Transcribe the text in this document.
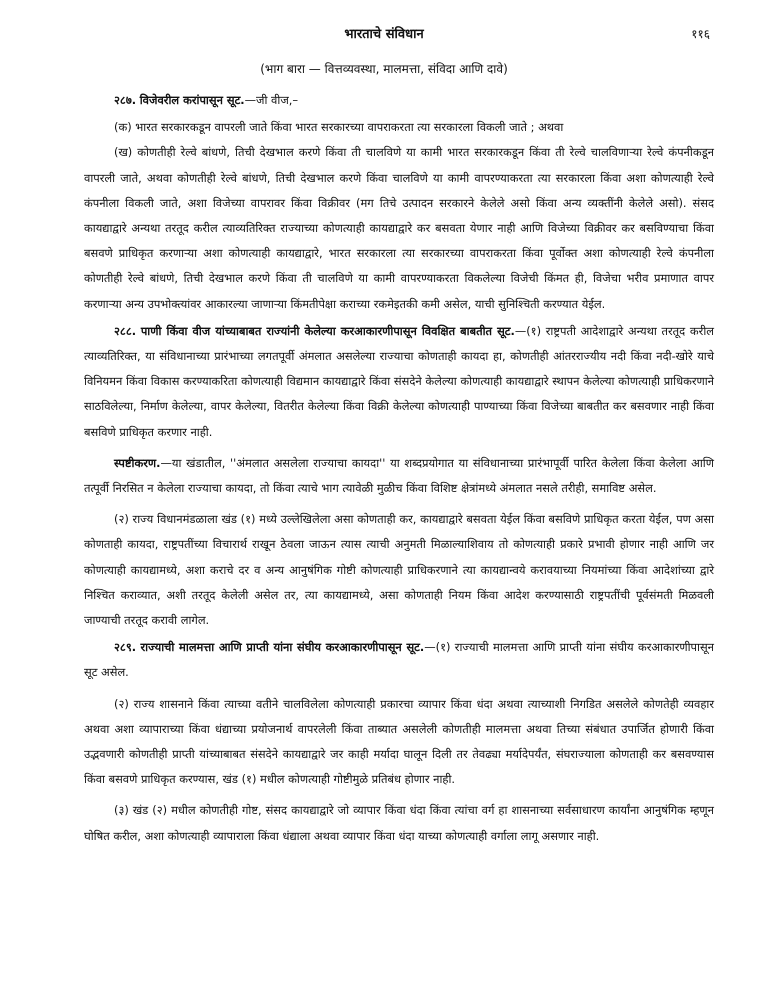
भारताचे संविधान	११६
(भाग बारा — वित्तव्यवस्था, मालमत्ता, संविदा आणि दावे)

२८७. विजेवरील करांपासून सूट.—जी वीज,–

(क) भारत सरकारकडून वापरली जाते किंवा भारत सरकारच्या वापराकरता त्या सरकारला विकली जाते ; अथवा

(ख) कोणतीही रेल्वे बांधणे, तिची देखभाल करणे किंवा ती चालविणे या कामी भारत सरकारकडून किंवा ती रेल्वे चालविणाऱ्या रेल्वे कंपनीकडून वापरली जाते, अथवा कोणतीही रेल्वे बांधणे, तिची देखभाल करणे किंवा चालविणे या कामी वापरण्याकरता त्या सरकारला किंवा अशा कोणत्याही रेल्वे कंपनीला विकली जाते, अशा विजेच्या वापरावर किंवा विक्रीवर (मग तिचे उत्पादन सरकारने केलेले असो किंवा अन्य व्यक्तींनी केलेले असो). संसद कायद्याद्वारे अन्यथा तरतूद करील त्याव्यतिरिक्त राज्याच्या कोणत्याही कायद्याद्वारे कर बसवता येणार नाही आणि विजेच्या विक्रीवर कर बसविण्याचा किंवा बसवणे प्राधिकृत करणाऱ्या अशा कोणत्याही कायद्याद्वारे, भारत सरकारला त्या सरकारच्या वापराकरता किंवा पूर्वोक्त अशा कोणत्याही रेल्वे कंपनीला कोणतीही रेल्वे बांधणे, तिची देखभाल करणे किंवा ती चालविणे या कामी वापरण्याकरता विकलेल्या विजेची किंमत ही, विजेचा भरीव प्रमाणात वापर करणाऱ्या अन्य उपभोक्त्यांवर आकारल्या जाणाऱ्या किंमतीपेक्षा कराच्या रकमेइतकी कमी असेल, याची सुनिश्चिती करण्यात येईल.

२८८. पाणी किंवा वीज यांच्याबाबत राज्यांनी केलेल्या करआकारणीपासून विवक्षित बाबतीत सूट.—(१) राष्ट्रपती आदेशाद्वारे अन्यथा तरतूद करील त्याव्यतिरिक्त, या संविधानाच्या प्रारंभाच्या लगतपूर्वी अंमलात असलेल्या राज्याचा कोणताही कायदा हा, कोणतीही आंतरराज्यीय नदी किंवा नदी-खोरे याचे विनियमन किंवा विकास करण्याकरिता कोणत्याही विद्यमान कायद्याद्वारे किंवा संसदेने केलेल्या कोणत्याही कायद्याद्वारे स्थापन केलेल्या कोणत्याही प्राधिकरणाने साठविलेल्या, निर्माण केलेल्या, वापर केलेल्या, वितरीत केलेल्या किंवा विक्री केलेल्या कोणत्याही पाण्याच्या किंवा विजेच्या बाबतीत कर बसवणार नाही किंवा बसविणे प्राधिकृत करणार नाही.

स्पष्टीकरण.—या खंडातील, ''अंमलात असलेला राज्याचा कायदा'' या शब्दप्रयोगात या संविधानाच्या प्रारंभापूर्वी पारित केलेला किंवा केलेला आणि तत्पूर्वी निरसित न केलेला राज्याचा कायदा, तो किंवा त्याचे भाग त्यावेळी मुळीच किंवा विशिष्ट क्षेत्रांमध्ये अंमलात नसले तरीही, समाविष्ट असेल.

(२) राज्य विधानमंडळाला खंड (१) मध्ये उल्लेखिलेला असा कोणताही कर, कायद्याद्वारे बसवता येईल किंवा बसविणे प्राधिकृत करता येईल, पण असा कोणताही कायदा, राष्ट्रपतींच्या विचारार्थ राखून ठेवला जाऊन त्यास त्याची अनुमती मिळाल्याशिवाय तो कोणत्याही प्रकारे प्रभावी होणार नाही आणि जर कोणत्याही कायद्यामध्ये, अशा कराचे दर व अन्य आनुषंगिक गोष्टी कोणत्याही प्राधिकरणाने त्या कायद्यान्वये करावयाच्या नियमांच्या किंवा आदेशांच्या द्वारे निश्चित कराव्यात, अशी तरतूद केलेली असेल तर, त्या कायद्यामध्ये, असा कोणताही नियम किंवा आदेश करण्यासाठी राष्ट्रपतींची पूर्वसंमती मिळवली जाण्याची तरतूद करावी लागेल.

२८९. राज्याची मालमत्ता आणि प्राप्ती यांना संघीय करआकारणीपासून सूट.—(१) राज्याची मालमत्ता आणि प्राप्ती यांना संघीय करआकारणीपासून सूट असेल.

(२) राज्य शासनाने किंवा त्याच्या वतीने चालविलेला कोणत्याही प्रकारचा व्यापार किंवा धंदा अथवा त्याच्याशी निगडित असलेले कोणतेही व्यवहार अथवा अशा व्यापाराच्या किंवा धंद्याच्या प्रयोजनार्थ वापरलेली किंवा ताब्यात असलेली कोणतीही मालमत्ता अथवा तिच्या संबंधात उपार्जित होणारी किंवा उद्भवणारी कोणतीही प्राप्ती यांच्याबाबत संसदेने कायद्याद्वारे जर काही मर्यादा घालून दिली तर तेवढ्या मर्यादेपर्यंत, संघराज्याला कोणताही कर बसवण्यास किंवा बसवणे प्राधिकृत करण्यास, खंड (१) मधील कोणत्याही गोष्टीमुळे प्रतिबंध होणार नाही.

(३) खंड (२) मधील कोणतीही गोष्ट, संसद कायद्याद्वारे जो व्यापार किंवा धंदा किंवा त्यांचा वर्ग हा शासनाच्या सर्वसाधारण कार्यांना आनुषंगिक म्हणून घोषित करील, अशा कोणत्याही व्यापाराला किंवा धंद्याला अथवा व्यापार किंवा धंदा याच्या कोणत्याही वर्गाला लागू असणार नाही.
